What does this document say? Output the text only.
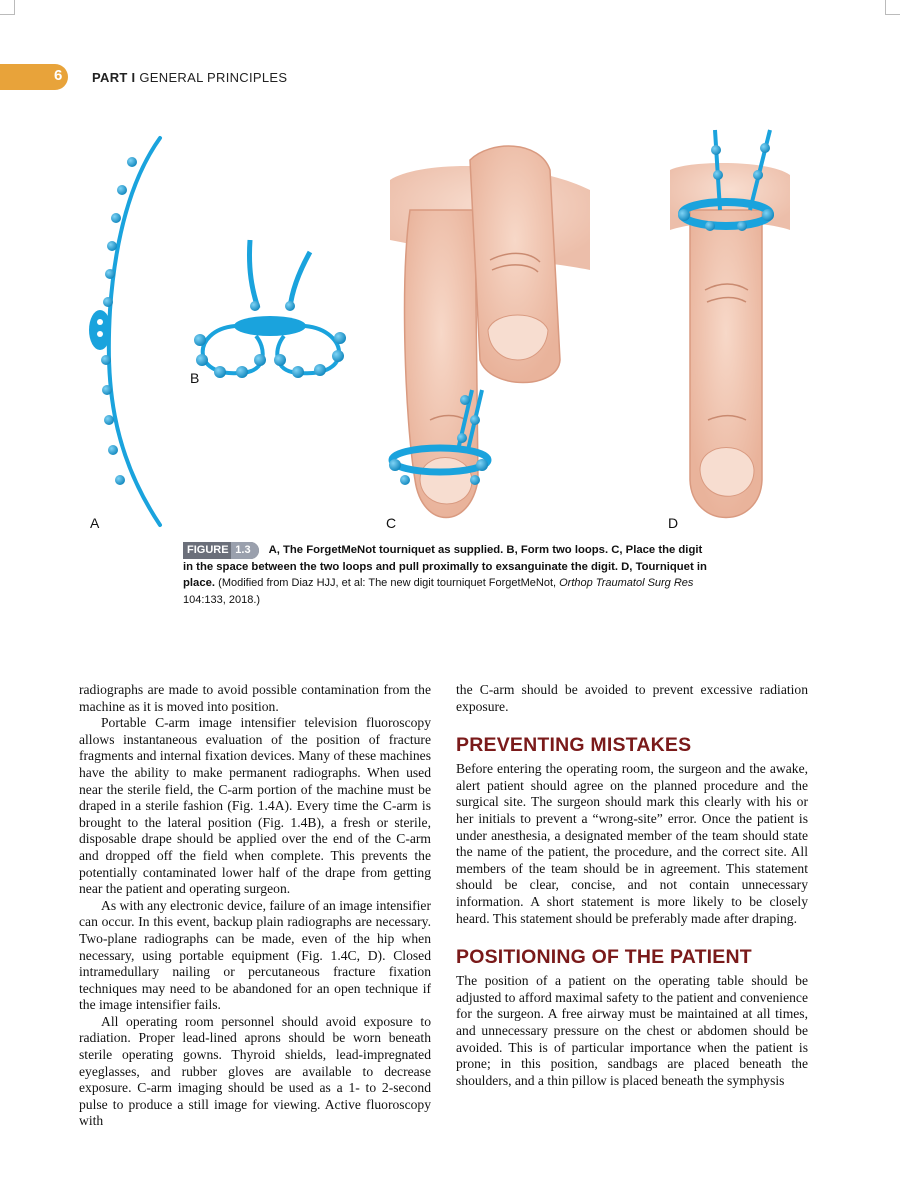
6 PART I GENERAL PRINCIPLES
A
B
C	D
FIGURE 1.3	A, The ForgetMeNot tourniquet as supplied. B, Form two loops. C, Place the digit in the space between the two loops and pull proximally to exsanguinate the digit. D, Tourniquet in place. (Modified from Diaz HJJ, et al: The new digit tourniquet ForgetMeNot, Orthop Traumatol Surg Res 104:133, 2018.)

radiographs are made to avoid possible contamination from the machine as it is moved into position.

Portable C-arm image intensifier television fluoroscopy allows instantaneous evaluation of the position of fracture fragments and internal fixation devices. Many of these machines have the ability to make permanent radiographs. When used near the sterile field, the C-arm portion of the machine must be draped in a sterile fashion (Fig. 1.4A). Every time the C-arm is brought to the lateral position (Fig. 1.4B), a fresh or sterile, disposable drape should be applied over the end of the C-arm and dropped off the field when complete. This prevents the potentially contaminated lower half of the drape from getting near the patient and operating surgeon.

As with any electronic device, failure of an image intensifier can occur. In this event, backup plain radiographs are necessary. Two-plane radiographs can be made, even of the hip when necessary, using portable equipment (Fig. 1.4C, D). Closed intramedullary nailing or percutaneous fracture fixation techniques may need to be abandoned for an open technique if the image intensifier fails.

All operating room personnel should avoid exposure to radiation. Proper lead-lined aprons should be worn beneath sterile operating gowns. Thyroid shields, lead-impregnated eyeglasses, and rubber gloves are available to decrease exposure. C-arm imaging should be used as a 1- to 2-second pulse to produce a still image for viewing. Active fluoroscopy with

the C-arm should be avoided to prevent excessive radiation exposure.

PREVENTING MISTAKES

Before entering the operating room, the surgeon and the awake, alert patient should agree on the planned procedure and the surgical site. The surgeon should mark this clearly with his or her initials to prevent a “wrong-site” error. Once the patient is under anesthesia, a designated member of the team should state the name of the patient, the procedure, and the correct site. All members of the team should be in agreement. This statement should be clear, concise, and not contain unnecessary information. A short statement is more likely to be closely heard. This statement should be preferably made after draping.

POSITIONING OF THE PATIENT

The position of a patient on the operating table should be adjusted to afford maximal safety to the patient and convenience for the surgeon. A free airway must be maintained at all times, and unnecessary pressure on the chest or abdomen should be avoided. This is of particular importance when the patient is prone; in this position, sandbags are placed beneath the shoulders, and a thin pillow is placed beneath the symphysis
